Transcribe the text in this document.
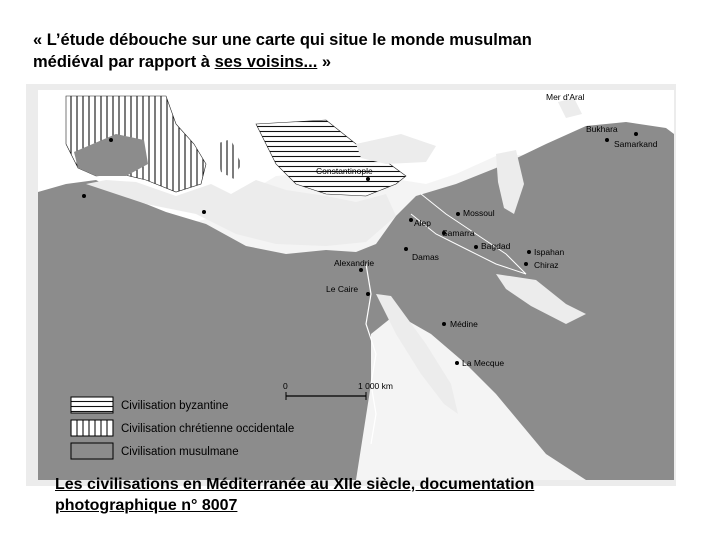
« L’étude débouche sur une carte qui situe le monde musulman
médiéval par rapport à ses voisins... »
Mer d'Aral
Bukhara
Samarkand
Constantinople
Mossoul
Alep
Samarra
Bagdad
Ispahan
Chiraz
Damas
Alexandrie
Le Caire
Médine
La Mecque
0	1 000 km
Civilisation byzantine
Civilisation chrétienne occidentale
Civilisation musulmane
Les civilisations en Méditerranée au XIIe siècle, documentation
photographique n° 8007
